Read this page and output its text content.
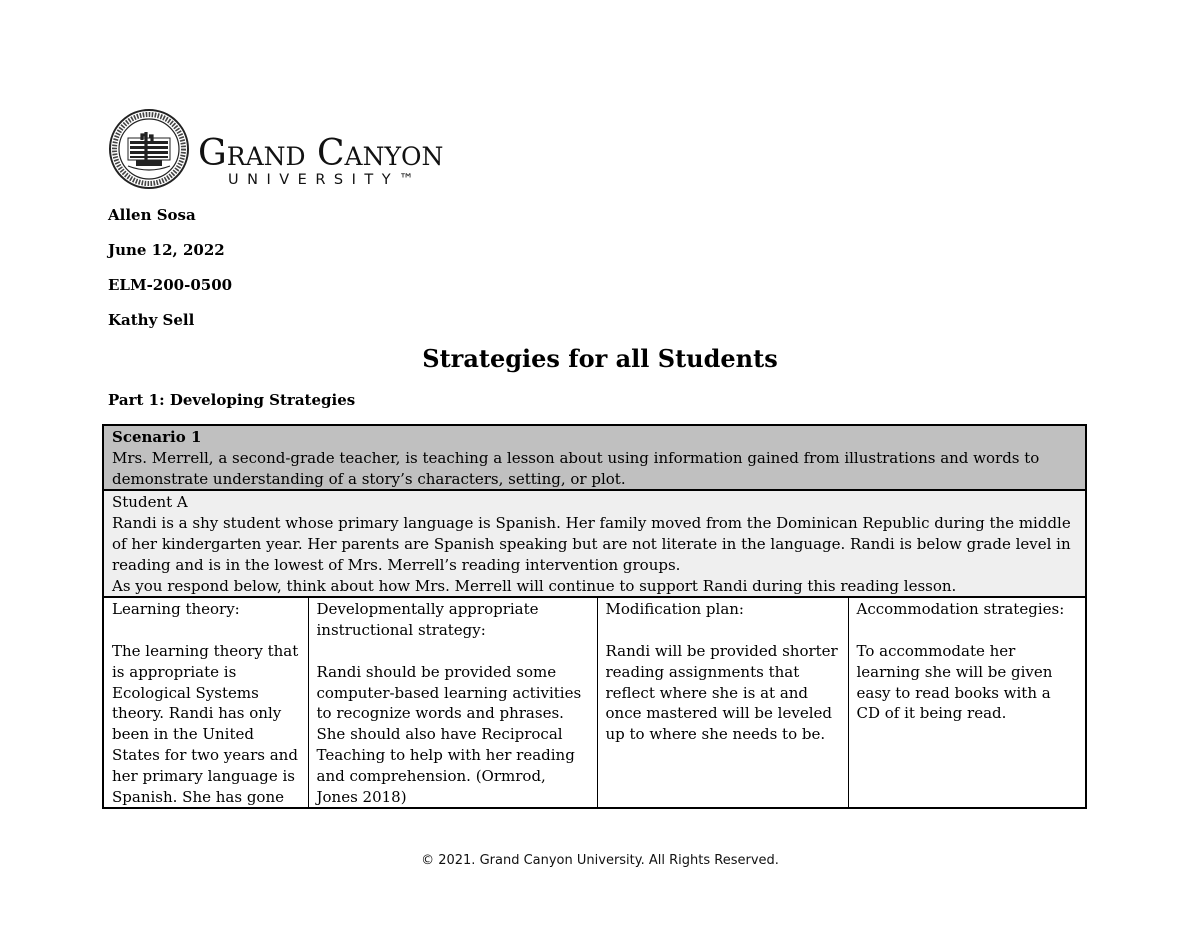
Grand Canyon
UNIVERSITY™
Allen Sosa
June 12, 2022
ELM-200-0500
Kathy Sell
Strategies for all Students
Part 1: Developing Strategies
Scenario 1
Mrs. Merrell, a second-grade teacher, is teaching a lesson about using information gained from illustrations and words to demonstrate understanding of a story’s characters, setting, or plot.

Student A
Randi is a shy student whose primary language is Spanish. Her family moved from the Dominican Republic during the middle of her kindergarten year. Her parents are Spanish speaking but are not literate in the language. Randi is below grade level in reading and is in the lowest of Mrs. Merrell’s reading intervention groups.
As you respond below, think about how Mrs. Merrell will continue to support Randi during this reading lesson.

Learning theory:
The learning theory that is appropriate is Ecological Systems theory. Randi has only been in the United States for two years and her primary language is Spanish. She has gone

Developmentally appropriate instructional strategy:
Randi should be provided some computer-based learning activities to recognize words and phrases. She should also have Reciprocal Teaching to help with her reading and comprehension. (Ormrod, Jones 2018)

Modification plan:
Randi will be provided shorter reading assignments that reflect where she is at and once mastered will be leveled up to where she needs to be.

Accommodation strategies:
To accommodate her learning she will be given easy to read books with a CD of it being read.
© 2021. Grand Canyon University. All Rights Reserved.
